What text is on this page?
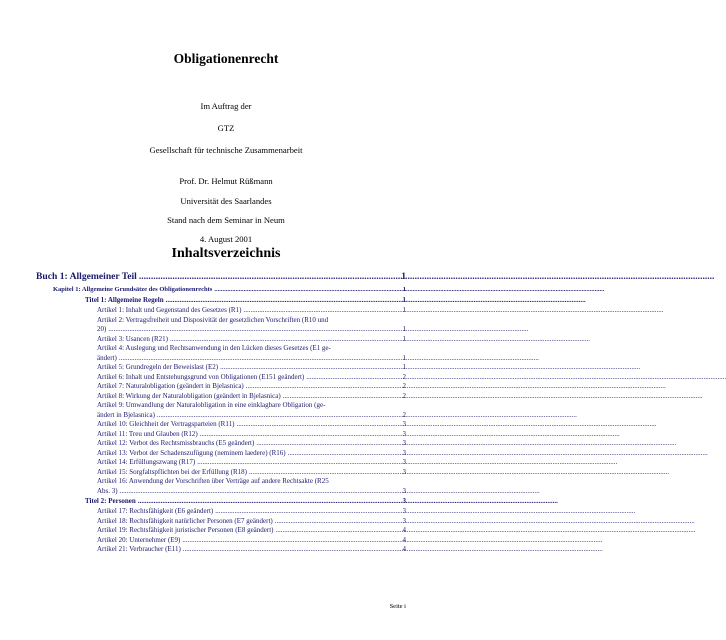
Obligationenrecht

Im Auftrag der

GTZ

Gesellschaft für technische Zusammenarbeit

Prof. Dr. Helmut Rüßmann

Universität des Saarlandes

Stand nach dem Seminar in Neum

4. August 2001

Inhaltsverzeichnis
Buch 1: Allgemeiner Teil .....	1
Kapitel 1: Allgemeine Grundsätze des Obligationenrechts .....	1
Titel 1: Allgemeine Regeln .....	1
Artikel 1: Inhalt und Gegenstand des Gesetzes (R1) .....	1
Artikel 2: Vertragsfreiheit und Disposivität der gesetzlichen Vorschriften (R10 und
20) .....	1
Artikel 3: Usancen (R21) .....	1
Artikel 4: Auslegung und Rechtsanwendung in den Lücken dieses Gesetzes (E1 ge-
ändert) .....	1
Artikel 5: Grundregeln der Beweislast (E2) .....	1
Artikel 6: Inhalt und Entstehungsgrund von Obligationen (E151 geändert) .....	2
Artikel 7: Naturalobligation (geändert in Bjelasnica) .....	2
Artikel 8: Wirkung der Naturalobligation (geändert in Bjelasnica) .....	2
Artikel 9: Umwandlung der Naturalobligation in eine einklagbare Obligation (ge-
ändert in Bjelasnica) .....	2
Artikel 10: Gleichheit der Vertragsparteien (R11) .....	3
Artikel 11: Treu und Glauben (R12) .....	3
Artikel 12: Verbot des Rechtsmissbrauchs (E5 geändert) .....	3
Artikel 13: Verbot der Schadenszufügung (neminem laedere) (R16) .....	3
Artikel 14: Erfüllungszwang (R17) .....	3
Artikel 15: Sorgfaltspflichten bei der Erfüllung (R18) .....	3
Artikel 16: Anwendung der Vorschriften über Verträge auf andere Rechtsakte (R25
Abs. 3) .....	3
Titel 2: Personen .....	3
Artikel 17: Rechtsfähigkeit (E6 geändert) .....	3
Artikel 18: Rechtsfähigkeit natürlicher Personen (E7 geändert) .....	3
Artikel 19: Rechtsfähigkeit juristischer Personen (E8 geändert) .....	4
Artikel 20: Unternehmer (E9) .....	4
Artikel 21: Verbraucher (E11) .....	4
Seite i
